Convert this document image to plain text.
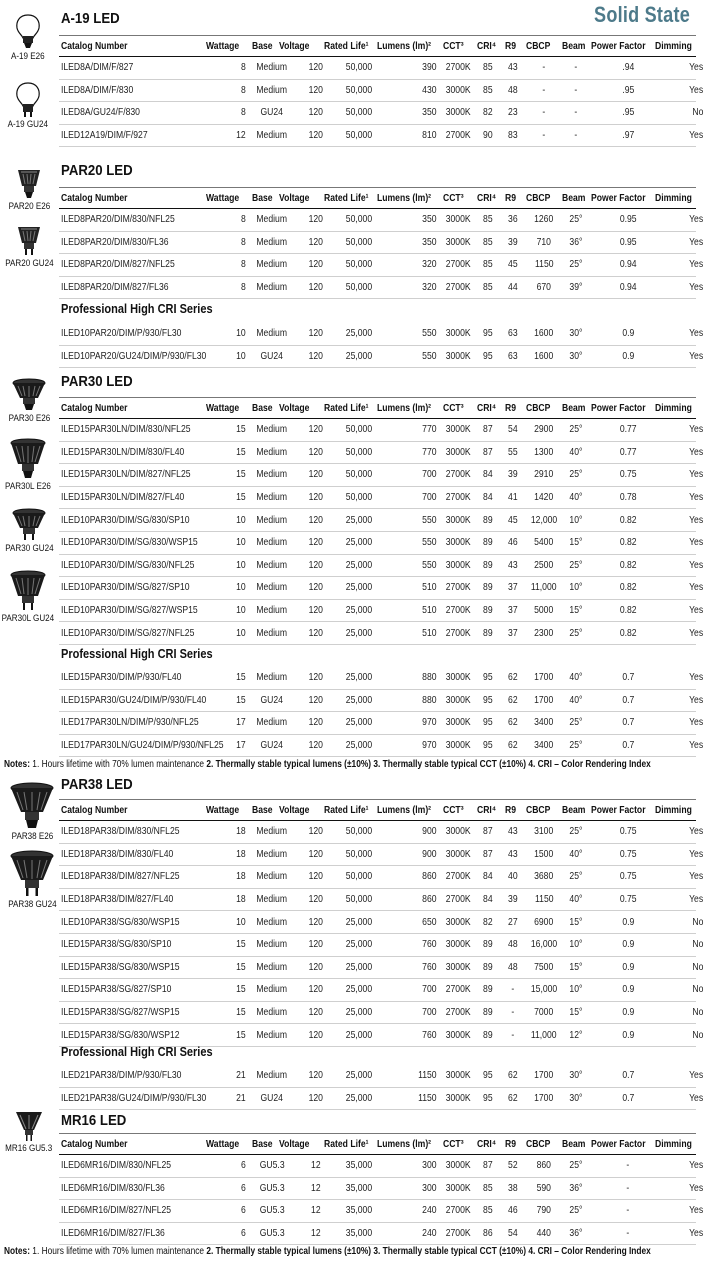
Solid State
A-19 LED
Catalog Number	Wattage Base Voltage Rated Life¹ Lumens (lm)² CCT³ CRI⁴ R9 CBCP Beam Power Factor Dimming
ILED8A/DIM/F/827	8 Medium 120 50,000	390 2700K 85 43 -	-	.94	Yes
ILED8A/DIM/F/830	8 Medium 120 50,000	430 3000K 85 48 -	-	.95	Yes
ILED8A/GU24/F/830	8 GU24 120 50,000	350 3000K 82 23 -	-	.95	No
ILED12A19/DIM/F/927	12 Medium 120 50,000	810 2700K 90 83 -	-	.97	Yes
A-19 E26
A-19 GU24
PAR20 LED
Catalog Number	Wattage Base Voltage Rated Life¹ Lumens (lm)² CCT³ CRI⁴ R9 CBCP Beam Power Factor Dimming
ILED8PAR20/DIM/830/NFL25	8 Medium 120 50,000	350 3000K 85 36 1260 25°	0.95	Yes
ILED8PAR20/DIM/830/FL36	8 Medium 120 50,000	350 3000K 85 39 710 36°	0.95	Yes
ILED8PAR20/DIM/827/NFL25	8 Medium 120 50,000	320 2700K 85 45 1150 25°	0.94	Yes
ILED8PAR20/DIM/827/FL36	8 Medium 120 50,000	320 2700K 85 44 670 39°	0.94	Yes
Professional High CRI Series
ILED10PAR20/DIM/P/930/FL30	10 Medium 120 25,000	550 3000K 95 63 1600 30°	0.9	Yes
ILED10PAR20/GU24/DIM/P/930/FL30	10 GU24 120 25,000	550 3000K 95 63 1600 30°	0.9	Yes
PAR20 E26
PAR20 GU24
PAR30 LED
Catalog Number	Wattage Base Voltage Rated Life¹ Lumens (lm)² CCT³ CRI⁴ R9 CBCP Beam Power Factor Dimming
ILED15PAR30LN/DIM/830/NFL25	15 Medium 120 50,000	770 3000K 87 54 2900 25°	0.77	Yes
ILED15PAR30LN/DIM/830/FL40	15 Medium 120 50,000	770 3000K 87 55 1300 40°	0.77	Yes
ILED15PAR30LN/DIM/827/NFL25	15 Medium 120 50,000	700 2700K 84 39 2910 25°	0.75	Yes
ILED15PAR30LN/DIM/827/FL40	15 Medium 120 50,000	700 2700K 84 41 1420 40°	0.78	Yes
ILED10PAR30/DIM/SG/830/SP10	10 Medium 120 25,000	550 3000K 89 45 12,000 10°	0.82	Yes
ILED10PAR30/DIM/SG/830/WSP15	10 Medium 120 25,000	550 3000K 89 46 5400 15°	0.82	Yes
ILED10PAR30/DIM/SG/830/NFL25	10 Medium 120 25,000	550 3000K 89 43 2500 25°	0.82	Yes
ILED10PAR30/DIM/SG/827/SP10	10 Medium 120 25,000	510 2700K 89 37 11,000 10°	0.82	Yes
ILED10PAR30/DIM/SG/827/WSP15	10 Medium 120 25,000	510 2700K 89 37 5000 15°	0.82	Yes
ILED10PAR30/DIM/SG/827/NFL25	10 Medium 120 25,000	510 2700K 89 37 2300 25°	0.82	Yes
Professional High CRI Series
ILED15PAR30/DIM/P/930/FL40	15 Medium 120 25,000	880 3000K 95 62 1700 40°	0.7	Yes
ILED15PAR30/GU24/DIM/P/930/FL40	15 GU24 120 25,000	880 3000K 95 62 1700 40°	0.7	Yes
ILED17PAR30LN/DIM/P/930/NFL25	17 Medium 120 25,000	970 3000K 95 62 3400 25°	0.7	Yes
ILED17PAR30LN/GU24/DIM/P/930/NFL25 17 GU24 120 25,000	970 3000K 95 62 3400 25°	0.7	Yes
PAR30 E26
PAR30L E26
PAR30 GU24
PAR30L GU24
Notes: 1. Hours lifetime with 70% lumen maintenance 2. Thermally stable typical lumens (±10%) 3. Thermally stable typical CCT (±10%) 4. CRI – Color Rendering Index
PAR38 LED
Catalog Number	Wattage Base Voltage Rated Life¹ Lumens (lm)² CCT³ CRI⁴ R9 CBCP Beam Power Factor Dimming
ILED18PAR38/DIM/830/NFL25	18 Medium 120 50,000	900 3000K 87 43 3100 25°	0.75	Yes
ILED18PAR38/DIM/830/FL40	18 Medium 120 50,000	900 3000K 87 43 1500 40°	0.75	Yes
ILED18PAR38/DIM/827/NFL25	18 Medium 120 50,000	860 2700K 84 40 3680 25°	0.75	Yes
ILED18PAR38/DIM/827/FL40	18 Medium 120 50,000	860 2700K 84 39 1150 40°	0.75	Yes
ILED10PAR38/SG/830/WSP15	10 Medium 120 25,000	650 3000K 82 27 6900 15°	0.9	No
ILED15PAR38/SG/830/SP10	15 Medium 120 25,000	760 3000K 89 48 16,000 10°	0.9	No
ILED15PAR38/SG/830/WSP15	15 Medium 120 25,000	760 3000K 89 48 7500 15°	0.9	No
ILED15PAR38/SG/827/SP10	15 Medium 120 25,000	700 2700K 89 - 15,000 10°	0.9	No
ILED15PAR38/SG/827/WSP15	15 Medium 120 25,000	700 2700K 89 - 7000 15°	0.9	No
ILED15PAR38/SG/830/WSP12	15 Medium 120 25,000	760 3000K 89 - 11,000 12°	0.9	No
Professional High CRI Series
ILED21PAR38/DIM/P/930/FL30	21 Medium 120 25,000	1150 3000K 95 62 1700 30°	0.7	Yes
ILED21PAR38/GU24/DIM/P/930/FL30	21 GU24 120 25,000	1150 3000K 95 62 1700 30°	0.7	Yes
PAR38 E26
PAR38 GU24
MR16 LED
Catalog Number	Wattage Base Voltage Rated Life¹ Lumens (lm)² CCT³ CRI⁴ R9 CBCP Beam Power Factor Dimming
ILED6MR16/DIM/830/NFL25	6 GU5.3	12 35,000	300 3000K 87 52 860 25°	-	Yes
ILED6MR16/DIM/830/FL36	6 GU5.3	12 35,000	300 3000K 85 38 590 36°	-	Yes
ILED6MR16/DIM/827/NFL25	6 GU5.3	12 35,000	240 2700K 85 46 790 25°	-	Yes
ILED6MR16/DIM/827/FL36	6 GU5.3	12 35,000	240 2700K 86 54 440 36°	-	Yes
MR16 GU5.3
Notes: 1. Hours lifetime with 70% lumen maintenance 2. Thermally stable typical lumens (±10%) 3. Thermally stable typical CCT (±10%) 4. CRI – Color Rendering Index
